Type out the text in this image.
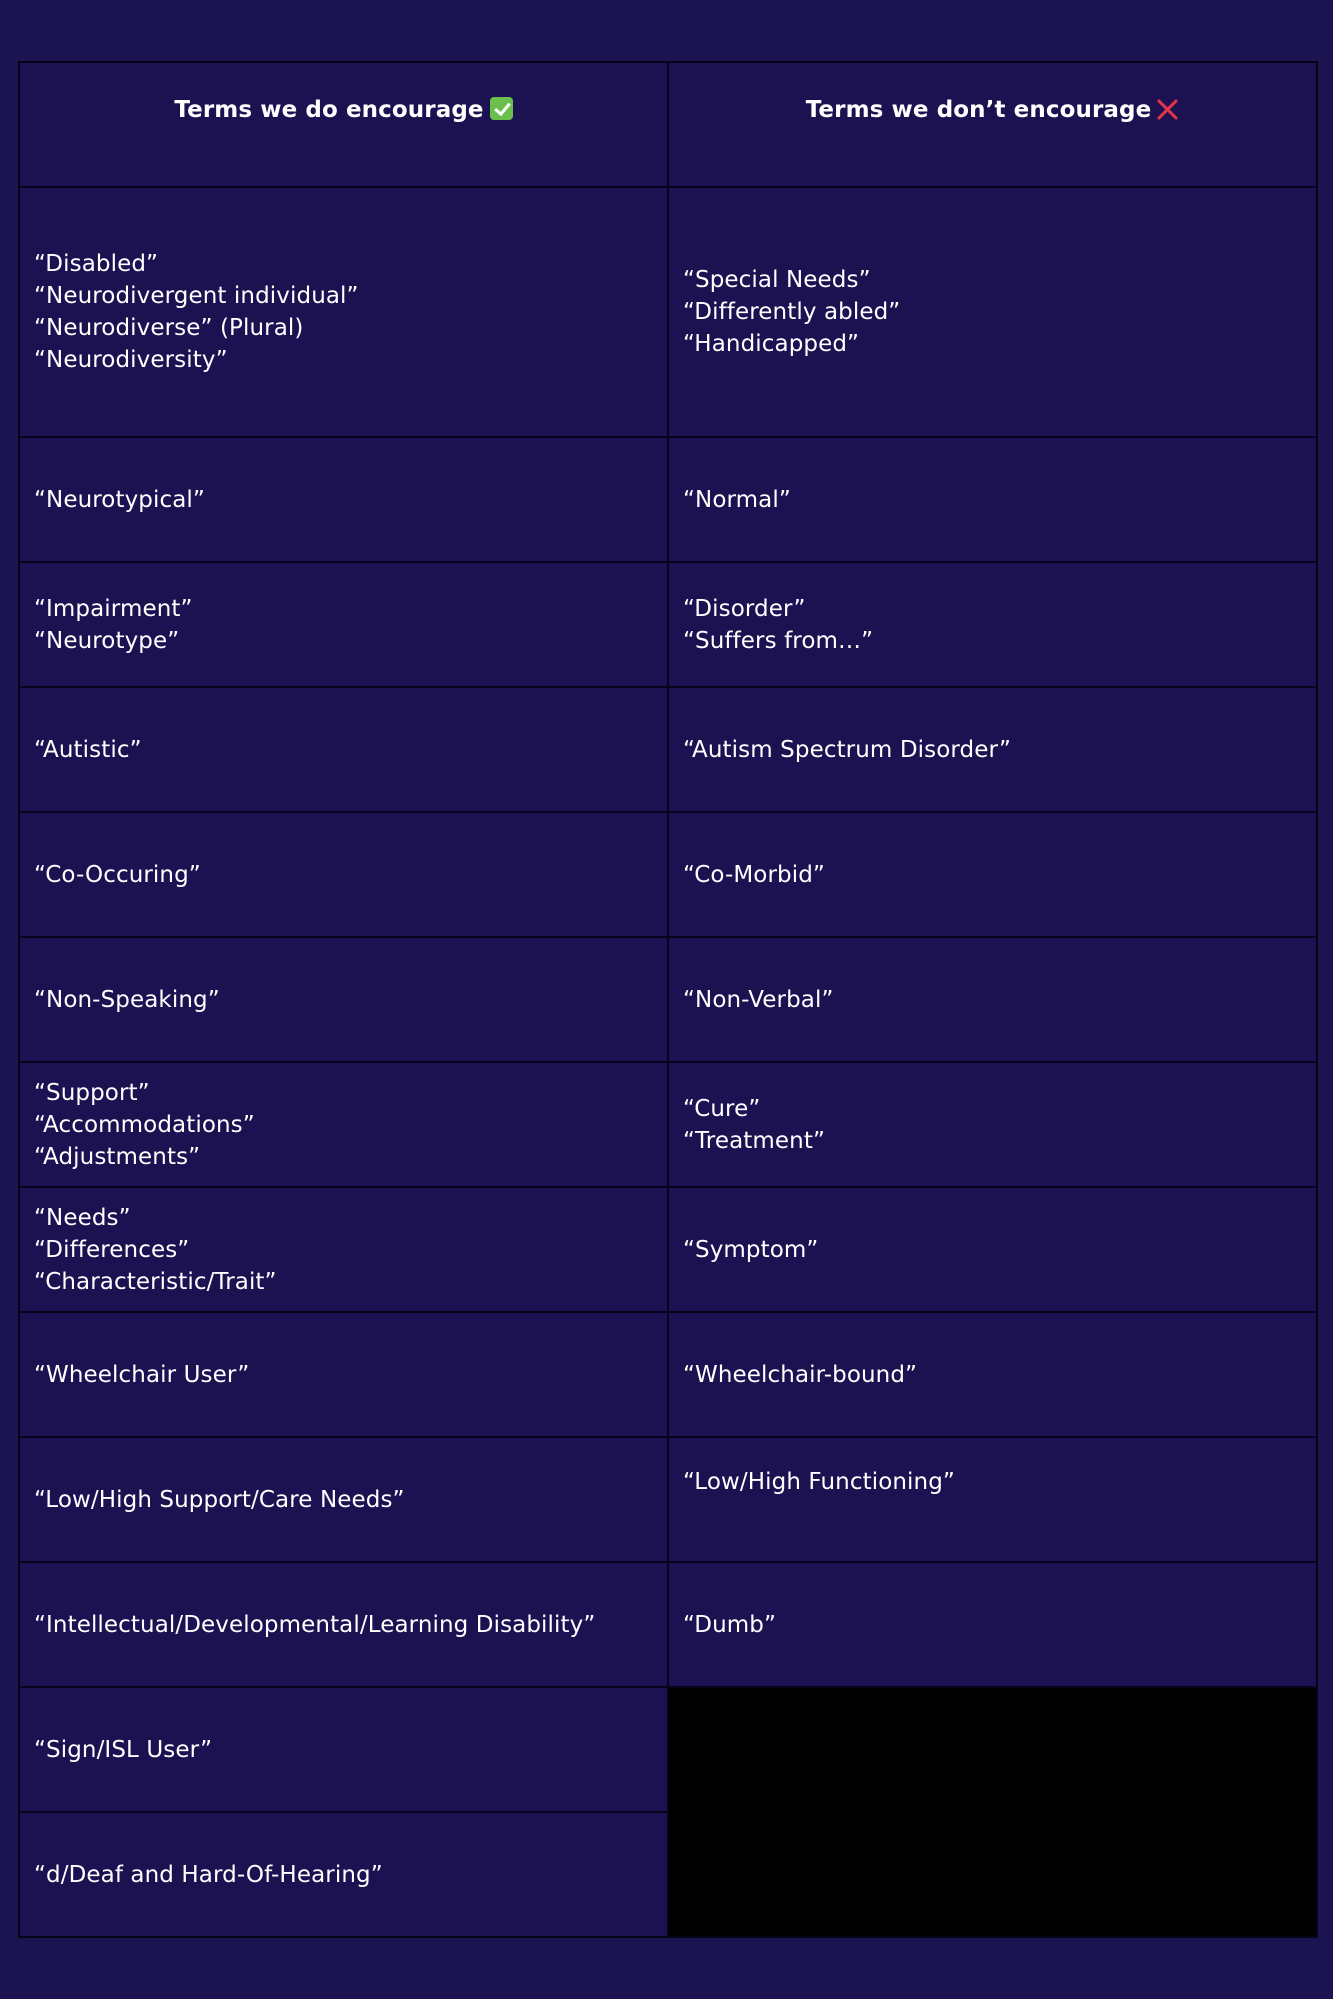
Terms we do encourage	Terms we don’t encourage

“Disabled”
“Neurodivergent individual”
“Neurodiverse” (Plural)
“Neurodiversity”	“Special Needs”
“Differently abled”
“Handicapped”

“Neurotypical”	“Normal”

“Impairment”
“Neurotype”	“Disorder”
“Suffers from…”

“Autistic”	“Autism Spectrum Disorder”

“Co-Occuring”	“Co-Morbid”

“Non-Speaking”	“Non-Verbal”

“Support”
“Accommodations”
“Adjustments”	“Cure”
“Treatment”

“Needs”
“Differences”
“Characteristic/Trait”	“Symptom”

“Wheelchair User”	“Wheelchair-bound”

“Low/High Support/Care Needs”	“Low/High Functioning”

“Intellectual/Developmental/Learning Disability”	“Dumb”

“Sign/ISL User”	

“d/Deaf and Hard-Of-Hearing”	
